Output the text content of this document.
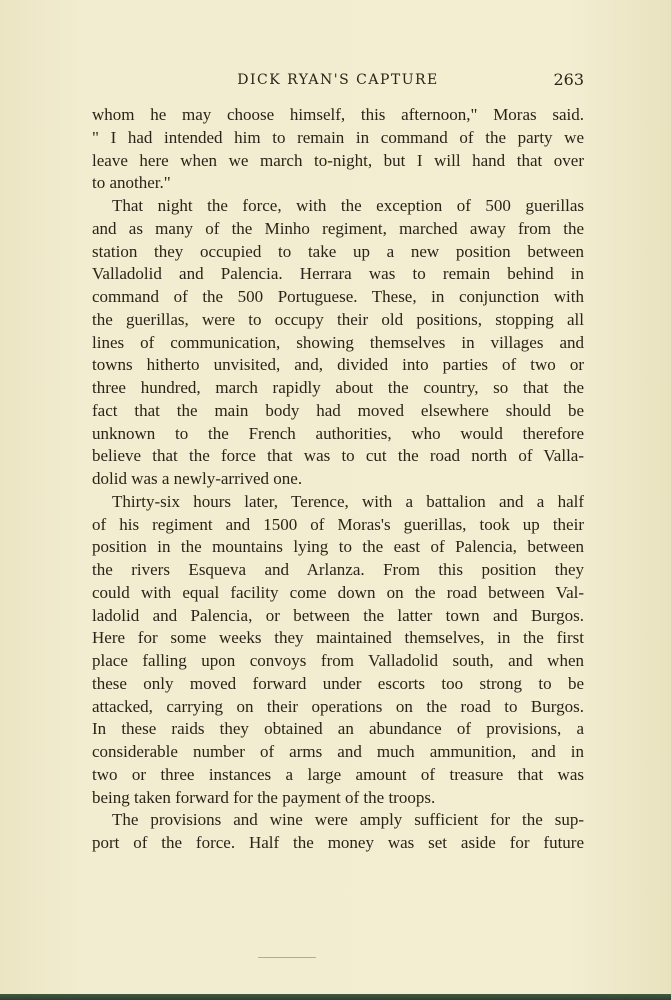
DICK RYAN'S CAPTURE	263
whom he may choose himself, this afternoon," Moras said.
" I had intended him to remain in command of the party we
leave here when we march to-night, but I will hand that over
to another."
That night the force, with the exception of 500 guerillas
and as many of the Minho regiment, marched away from the
station they occupied to take up a new position between
Valladolid and Palencia. Herrara was to remain behind in
command of the 500 Portuguese. These, in conjunction with
the guerillas, were to occupy their old positions, stopping all
lines of communication, showing themselves in villages and
towns hitherto unvisited, and, divided into parties of two or
three hundred, march rapidly about the country, so that the
fact that the main body had moved elsewhere should be
unknown to the French authorities, who would therefore
believe that the force that was to cut the road north of Valla-
dolid was a newly-arrived one.
Thirty-six hours later, Terence, with a battalion and a half
of his regiment and 1500 of Moras's guerillas, took up their
position in the mountains lying to the east of Palencia, between
the rivers Esqueva and Arlanza. From this position they
could with equal facility come down on the road between Val-
ladolid and Palencia, or between the latter town and Burgos.
Here for some weeks they maintained themselves, in the first
place falling upon convoys from Valladolid south, and when
these only moved forward under escorts too strong to be
attacked, carrying on their operations on the road to Burgos.
In these raids they obtained an abundance of provisions, a
considerable number of arms and much ammunition, and in
two or three instances a large amount of treasure that was
being taken forward for the payment of the troops.
The provisions and wine were amply sufficient for the sup-
port of the force. Half the money was set aside for future
